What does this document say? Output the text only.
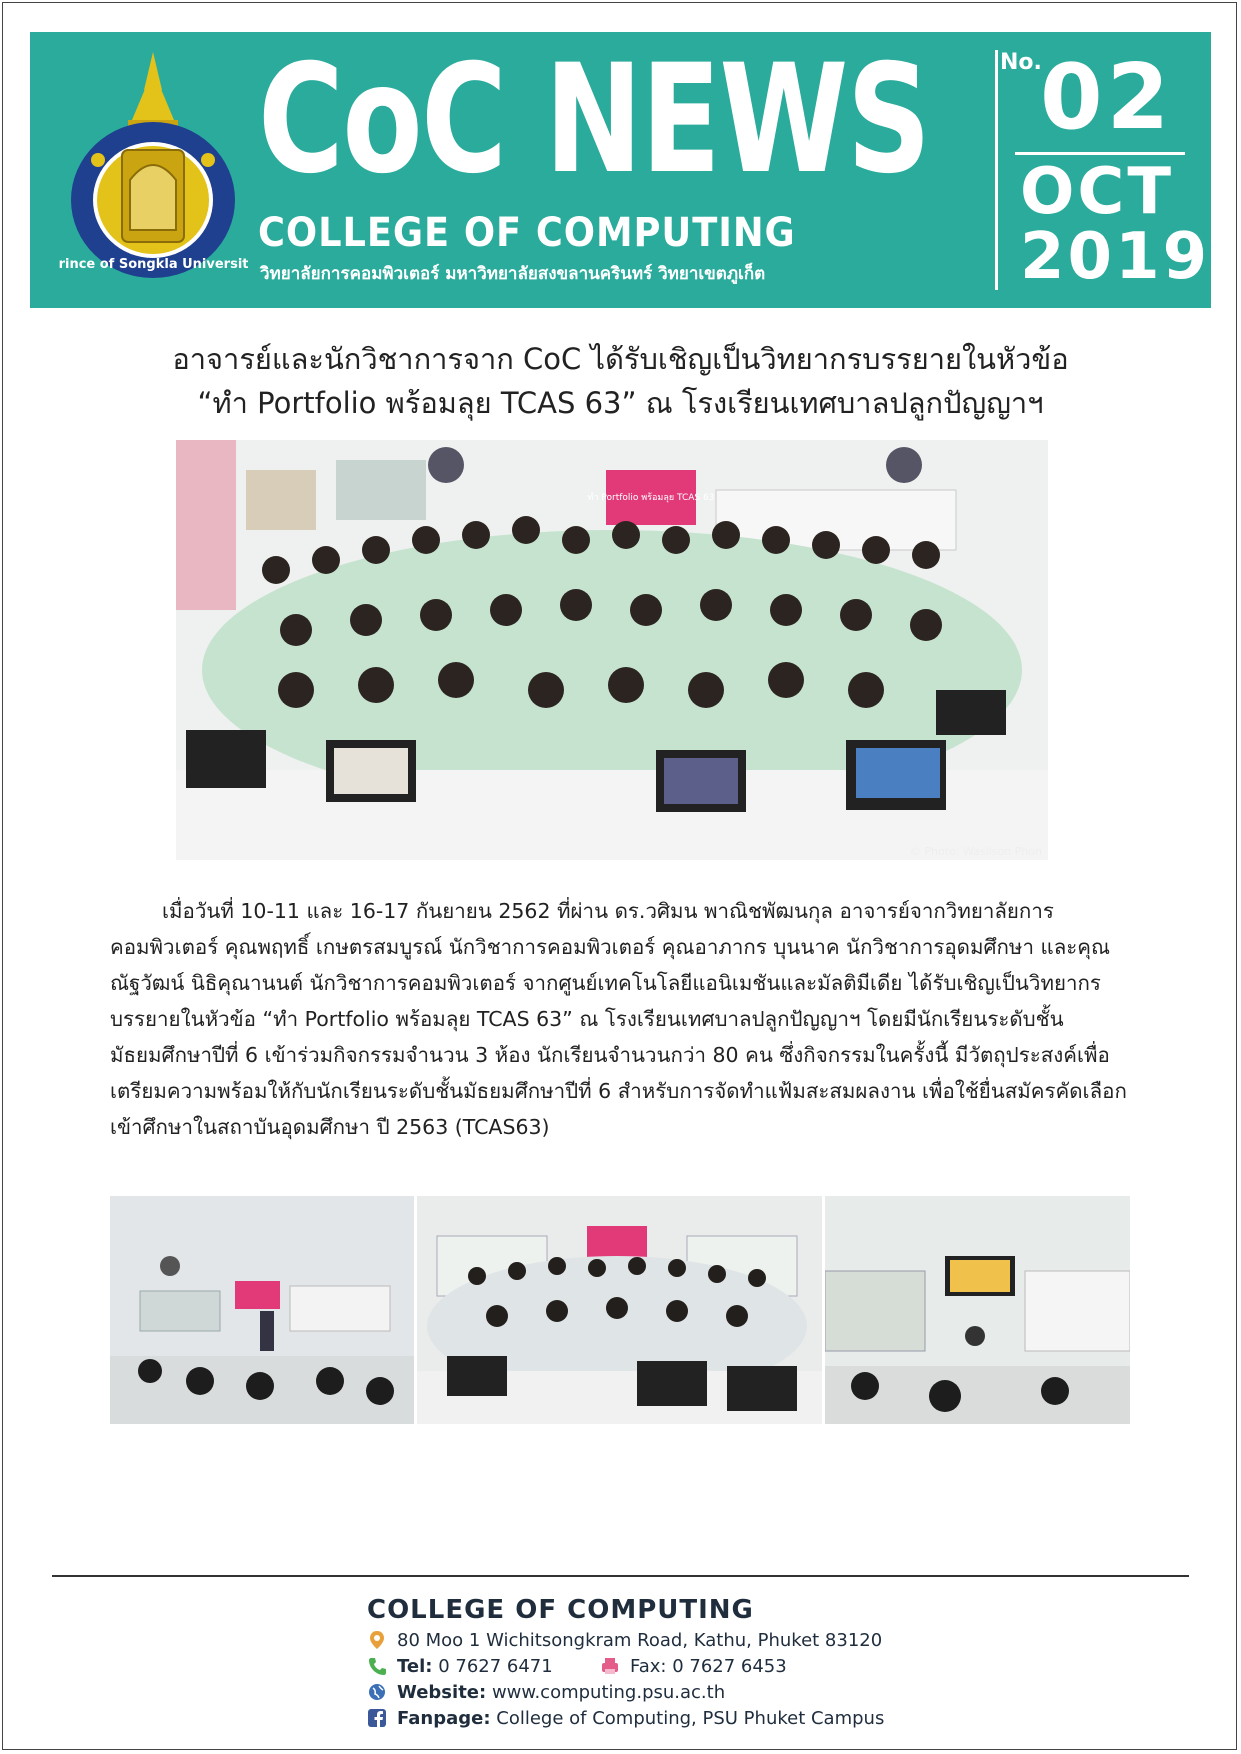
Prince of Songkla University
CoC NEWS
COLLEGE OF COMPUTING
วิทยาลัยการคอมพิวเตอร์ มหาวิทยาลัยสงขลานครินทร์ วิทยาเขตภูเก็ต
No.
02
OCT
2019
อาจารย์และนักวิชาการจาก CoC ได้รับเชิญเป็นวิทยากรบรรยายในหัวข้อ
“ทำ Portfolio พร้อมลุย TCAS 63” ณ โรงเรียนเทศบาลปลูกปัญญาฯ
ทำ Portfolio พร้อมลุย TCAS 63
© Photo: Wasilson Phon

เมื่อวันที่ 10-11 และ 16-17 กันยายน 2562 ที่ผ่าน ดร.วศิมน พาณิชพัฒนกุล อาจารย์จากวิทยาลัยการคอมพิวเตอร์ คุณพฤทธิ์ เกษตรสมบูรณ์ นักวิชาการคอมพิวเตอร์ คุณอาภากร บุนนาค นักวิชาการอุดมศึกษา และคุณณัฐวัฒน์ นิธิคุณานนต์ นักวิชาการคอมพิวเตอร์ จากศูนย์เทคโนโลยีแอนิเมชันและมัลติมีเดีย ได้รับเชิญเป็นวิทยากรบรรยายในหัวข้อ “ทำ Portfolio พร้อมลุย TCAS 63” ณ โรงเรียนเทศบาลปลูกปัญญาฯ โดยมีนักเรียนระดับชั้นมัธยมศึกษาปีที่ 6 เข้าร่วมกิจกรรมจำนวน 3 ห้อง นักเรียนจำนวนกว่า 80 คน ซึ่งกิจกรรมในครั้งนี้ มีวัตถุประสงค์เพื่อเตรียมความพร้อมให้กับนักเรียนระดับชั้นมัธยมศึกษาปีที่ 6 สำหรับการจัดทำแฟ้มสะสมผลงาน เพื่อใช้ยื่นสมัครคัดเลือกเข้าศึกษาในสถาบันอุดมศึกษา ปี 2563 (TCAS63)

COLLEGE OF COMPUTING
80 Moo 1 Wichitsongkram Road, Kathu, Phuket 83120
Tel: 0 7627 6471	Fax: 0 7627 6453
Website: www.computing.psu.ac.th
Fanpage: College of Computing, PSU Phuket Campus
